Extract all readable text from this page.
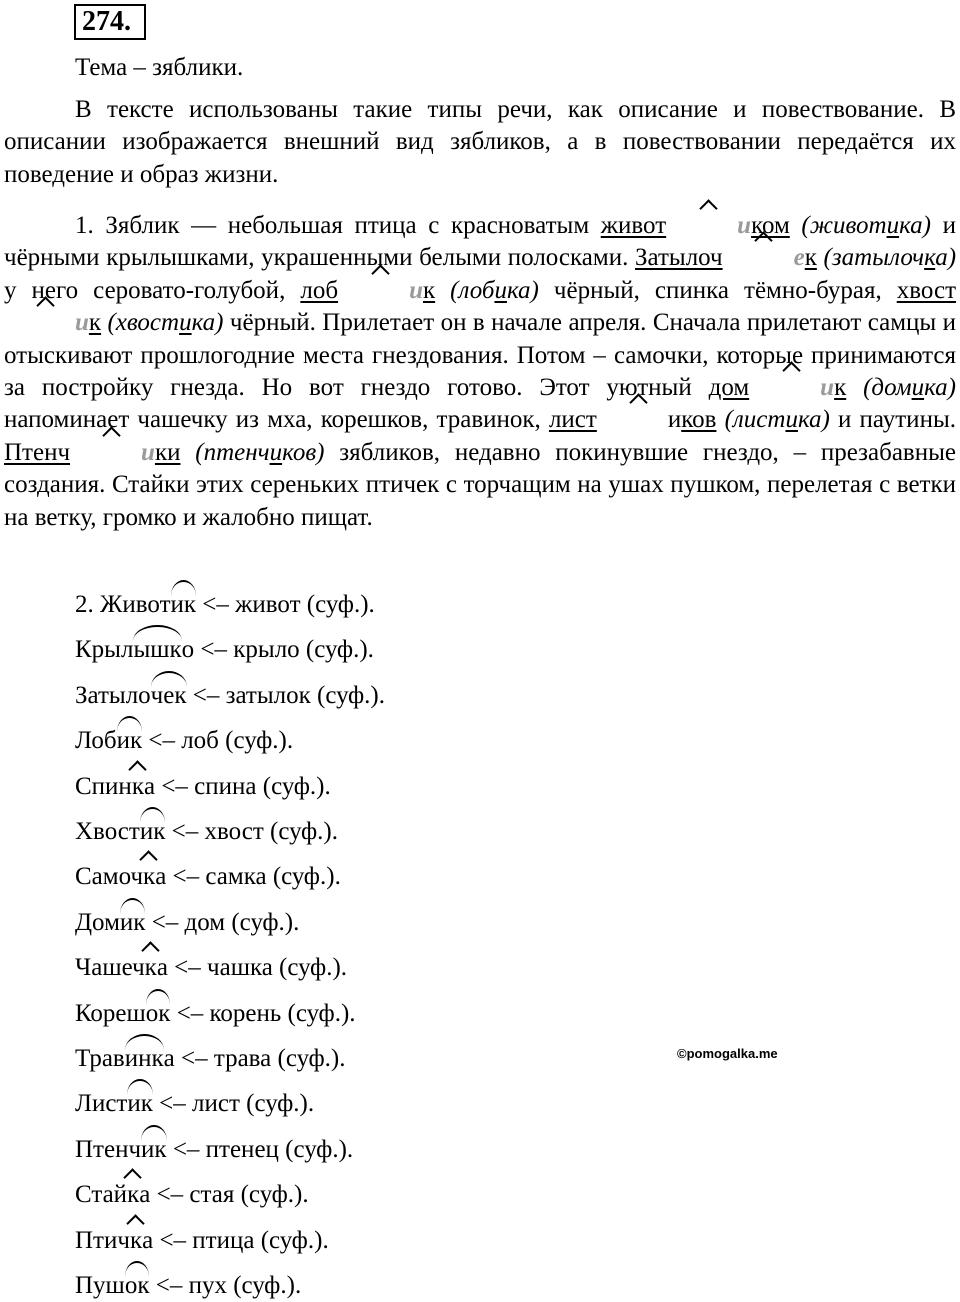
274.
Тема – зяблики.
В тексте использованы такие типы речи, как описание и повествование. В описании изображается внешний вид зябликов, а в повествовании передаётся их поведение и образ жизни.
1. Зяблик — небольшая птица с красноватым живот	иком (животика) и чёрными крылышками, украшенными белыми полосками. Затылоч	ек (затылочка) у него серовато-голубой, лоб	ик (лобика) чёрный, спинка тёмно-бурая, хвостик (хвостика) чёрный. Прилетает он в начале апреля. Сначала прилетают самцы и отыскивают прошлогодние места гнездования. Потом – самочки, которые принимаются за постройку гнезда. Но вот гнездо готово. Этот уютный дом	ик (домика) напоминает чашечку из мха, корешков, травинок, лист	иков (листика) и паутины. Птенч	ики (птенчиков) зябликов, недавно покинувшие гнездо, – презабавные создания. Стайки этих сереньких птичек с торчащим на ушах пушком, перелетая с ветки на ветку, громко и жалобно пищат.
2. Животик <– живот (суф.).
Крылышко <– крыло (суф.).
Затылочек <– затылок (суф.).
Лобик <– лоб (суф.).
Спинка <– спина (суф.).
Хвостик <– хвост (суф.).
Самочка <– самка (суф.).
Домик <– дом (суф.).
Чашечка <– чашка (суф.).
Корешок <– корень (суф.).
Травинка <– трава (суф.).
Листик <– лист (суф.).
Птенчик <– птенец (суф.).
Стайка <– стая (суф.).
Птичка <– птица (суф.).
Пушок <– пух (суф.).
©pomogalka.me
